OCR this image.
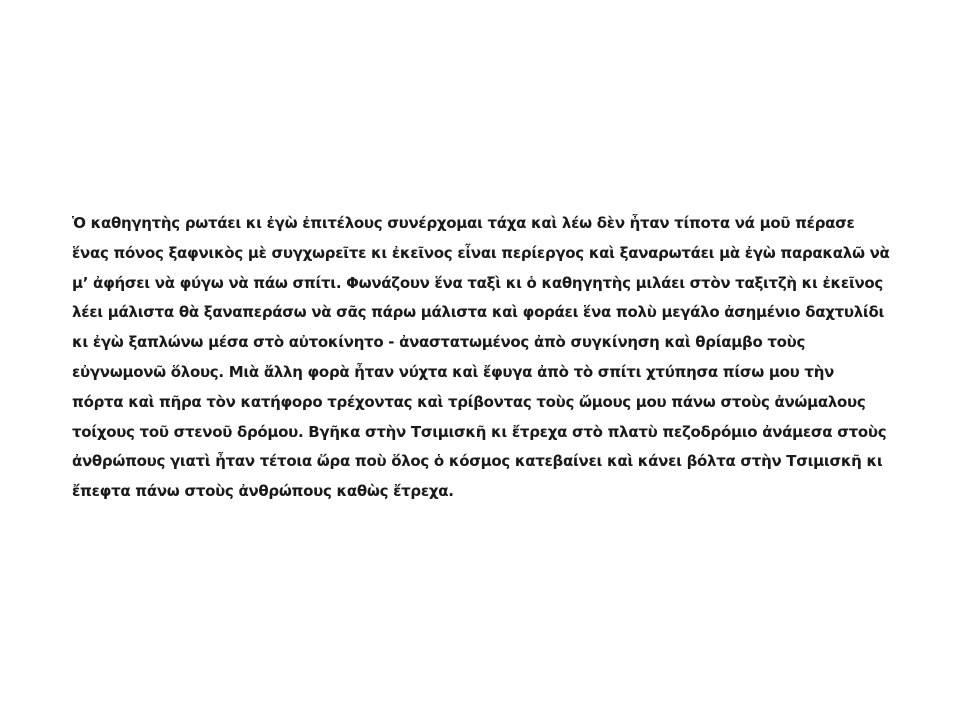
Ὁ καθηγητὴς ρωτάει κι ἐγὼ ἐπιτέλους συνέρχομαι τάχα καὶ λέω δὲν ἦταν τίποτα νά μοῦ πέρασε
ἕνας πόνος ξαφνικὸς μὲ συγχωρεῖτε κι ἐκεῖνος εἶναι περίεργος καὶ ξαναρωτάει μὰ ἐγὼ παρακαλῶ νὰ
μ’ ἀφήσει νὰ φύγω νὰ πάω σπίτι. Φωνάζουν ἕνα ταξὶ κι ὁ καθηγητὴς μιλάει στὸν ταξιτζὴ κι ἐκεῖνος
λέει μάλιστα θὰ ξαναπεράσω νὰ σᾶς πάρω μάλιστα καὶ φοράει ἕνα πολὺ μεγάλο ἀσημένιο δαχτυλίδι
κι ἐγὼ ξαπλώνω μέσα στὸ αὐτοκίνητο - ἀναστατωμένος ἀπὸ συγκίνηση καὶ θρίαμβο τοὺς
εὐγνωμονῶ ὅλους. Μιὰ ἄλλη φορὰ ἦταν νύχτα καὶ ἔφυγα ἀπὸ τὸ σπίτι χτύπησα πίσω μου τὴν
πόρτα καὶ πῆρα τὸν κατήφορο τρέχοντας καὶ τρίβοντας τοὺς ὤμους μου πάνω στοὺς ἀνώμαλους
τοίχους τοῦ στενοῦ δρόμου. Βγῆκα στὴν Τσιμισκῆ κι ἔτρεχα στὸ πλατὺ πεζοδρόμιο ἀνάμεσα στοὺς
ἀνθρώπους γιατὶ ἦταν τέτοια ὥρα ποὺ ὅλος ὁ κόσμος κατεβαίνει καὶ κάνει βόλτα στὴν Τσιμισκῆ κι
ἔπεφτα πάνω στοὺς ἀνθρώπους καθὼς ἔτρεχα.
